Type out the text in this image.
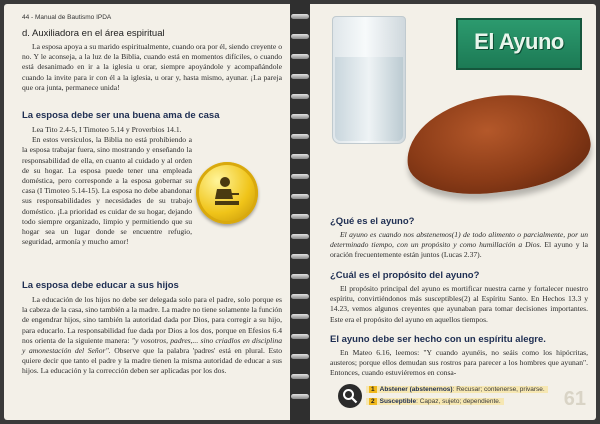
44 - Manual de Bautismo IPDA
d. Auxiliadora en el área espiritual

La esposa apoya a su marido espiritualmente, cuando ora por él, siendo creyente o no. Y le aconseja, a la luz de la Biblia, cuando está en momentos difíciles, o cuando está desanimado en ir a la iglesia u orar, siempre apoyándole y acompañándole cuando la invite para ir con él a la iglesia, u orar y, hasta mismo, ayunar. ¡La pareja que ora junta, permanece unida!

La esposa debe ser una buena ama de casa

Lea Tito 2.4-5, I Timoteo 5.14 y Proverbios 14.1.

En estos versículos, la Biblia no está prohibiendo a la esposa trabajar fuera, sino mostrando y enseñando la responsabilidad de ella, en cuanto al cuidado y al orden de su hogar. La esposa puede tener una empleada doméstica, pero corresponde a la esposa gobernar su casa (I Timoteo 5.14-15). La esposa no debe abandonar sus responsabilidades y necesidades de su trabajo doméstico. ¡La prioridad es cuidar de su hogar, dejando todo siempre organizado, limpio y permitiendo que su hogar sea un lugar donde se encuentre refugio, seguridad, armonía y mucho amor!

La esposa debe educar a sus hijos

La educación de los hijos no debe ser delegada solo para el padre, solo porque es la cabeza de la casa, sino también a la madre. La madre no tiene solamente la función de engendrar hijos, sino también la autoridad dada por Dios, para corregir a su hijo, para educarlo. La responsabilidad fue dada por Dios a los dos, porque en Efesios 6.4 nos orienta de la siguiente manera: "y vosotros, padres,... sino criadlos en disciplina y amonestación del Señor". Observe que la palabra 'padres' está en plural. Esto quiere decir que tanto el padre y la madre tienen la misma autoridad de educar a sus hijos. La educación y la corrección deben ser aplicadas por los dos.

El Ayuno
¿Qué es el ayuno?

El ayuno es cuando nos abstenemos(1) de todo alimento o parcialmente, por un determinado tiempo, con un propósito y como humillación a Dios. El ayuno y la oración frecuentemente están juntos (Lucas 2.37).

¿Cuál es el propósito del ayuno?

El propósito principal del ayuno es mortificar nuestra carne y fortalecer nuestro espíritu, convirtiéndonos más susceptibles(2) al Espíritu Santo. En Hechos 13.3 y 14.23, vemos algunos creyentes que ayunaban para tomar decisiones importantes. Este era el propósito del ayuno en aquellos tiempos.

El ayuno debe ser hecho con un espíritu alegre.

En Mateo 6.16, leemos: "Y cuando ayunéis, no seáis como los hipócritas, austeros; porque ellos demudan sus rostros para parecer a los hombres que ayunan". Entonces, cuando estuviéremos en consa-

1 Abstener (abstenernos): Recusar; contenerse, privarse.
2 Susceptible: Capaz, sujeto; dependiente.	61
